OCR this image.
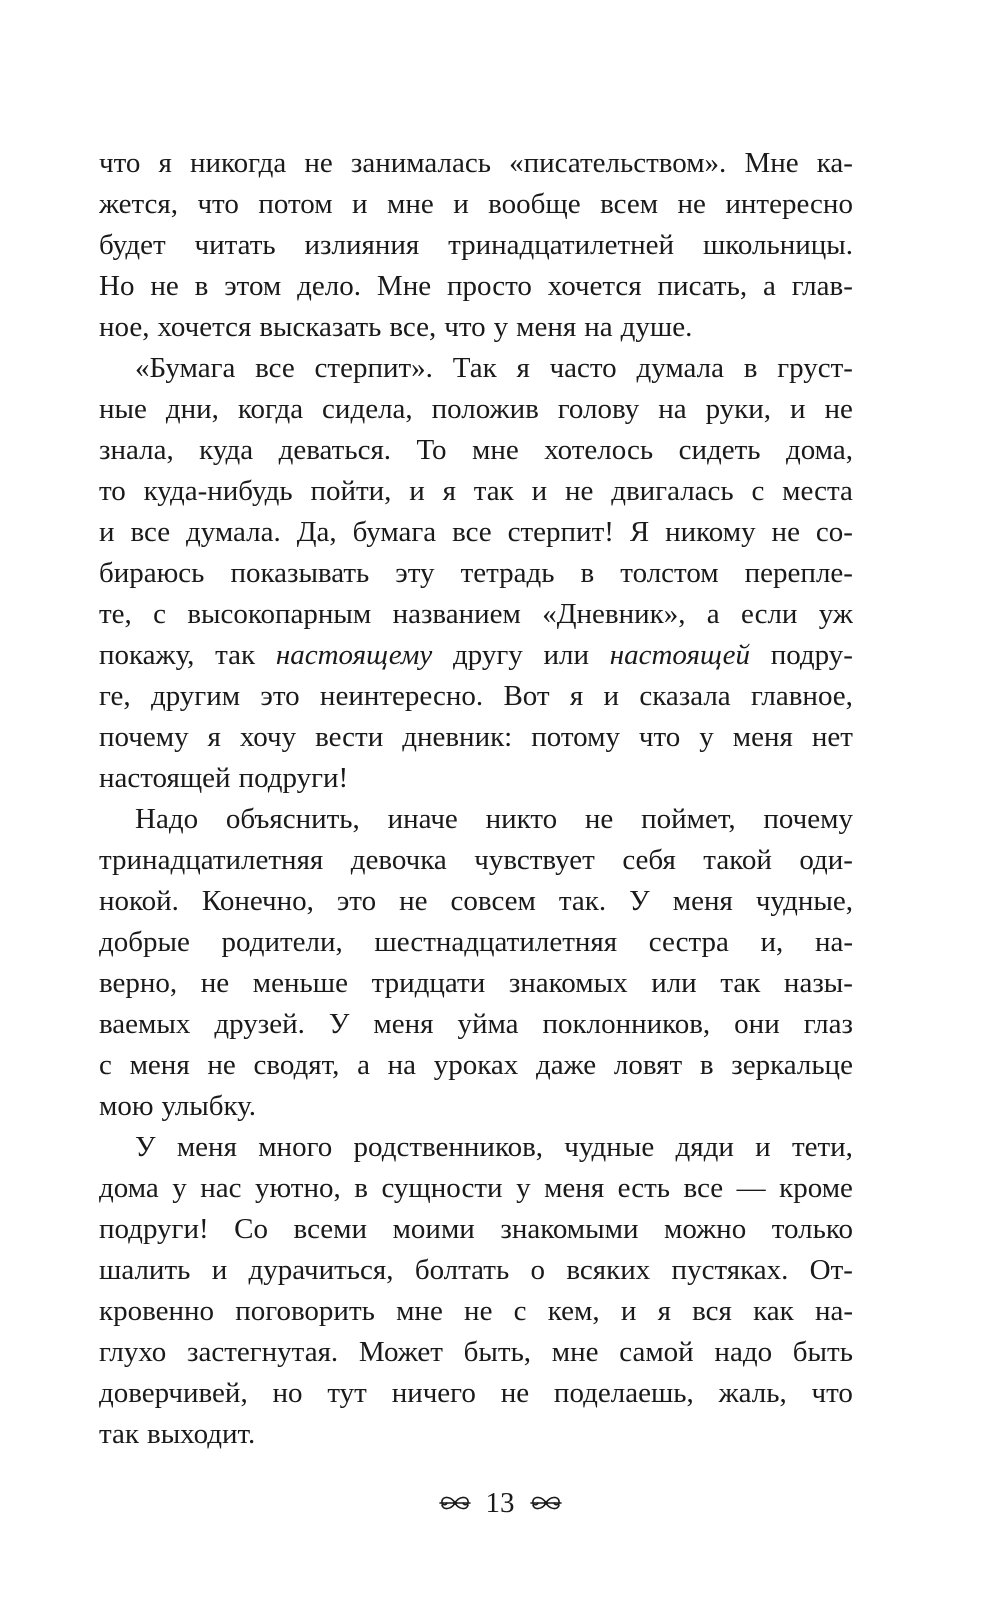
что я никогда не занималась «писательством». Мне ка-
жется, что потом и мне и вообще всем не интересно
будет читать излияния тринадцатилетней школьницы.
Но не в этом дело. Мне просто хочется писать, а глав-
ное, хочется высказать все, что у меня на душе.
«Бумага все стерпит». Так я часто думала в груст-
ные дни, когда сидела, положив голову на руки, и не
знала, куда деваться. То мне хотелось сидеть дома,
то куда-нибудь пойти, и я так и не двигалась с места
и все думала. Да, бумага все стерпит! Я никому не со-
бираюсь показывать эту тетрадь в толстом перепле-
те, с высокопарным названием «Дневник», а если уж
покажу, так настоящему другу или настоящей подру-
ге, другим это неинтересно. Вот я и сказала главное,
почему я хочу вести дневник: потому что у меня нет
настоящей подруги!
Надо объяснить, иначе никто не поймет, почему
тринадцатилетняя девочка чувствует себя такой оди-
нокой. Конечно, это не совсем так. У меня чудные,
добрые родители, шестнадцатилетняя сестра и, на-
верно, не меньше тридцати знакомых или так назы-
ваемых друзей. У меня уйма поклонников, они глаз
с меня не сводят, а на уроках даже ловят в зеркальце
мою улыбку.
У меня много родственников, чудные дяди и тети,
дома у нас уютно, в сущности у меня есть все — кроме
подруги! Со всеми моими знакомыми можно только
шалить и дурачиться, болтать о всяких пустяках. От-
кровенно поговорить мне не с кем, и я вся как на-
глухо застегнутая. Может быть, мне самой надо быть
доверчивей, но тут ничего не поделаешь, жаль, что
так выходит.
13
